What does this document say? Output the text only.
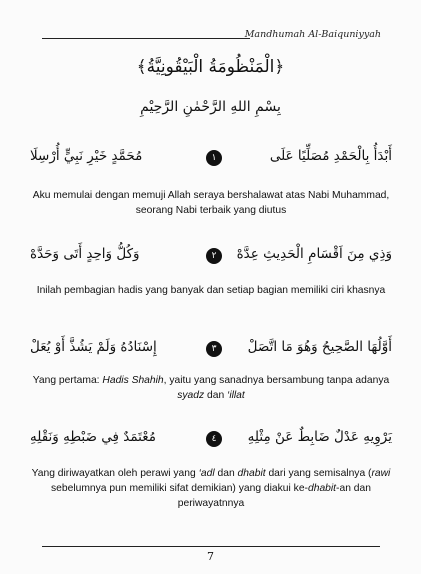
Mandhumah Al-Baiquniyyah
﴿الْمَنْظُومَةُ الْبَيْقُونِيَّةُ﴾
بِسْمِ اللهِ الرَّحْمٰنِ الرَّحِيْمِ
أَبْدَأُ بِالْحَمْدِ مُصَلِّيًا عَلَى
١
مُحَمَّدٍ خَيْرِ نَبِيٍّ أُرْسِلَا
Aku memulai dengan memuji Allah seraya bershalawat atas Nabi Muhammad, seorang Nabi terbaik yang diutus
وَذِي مِنَ اَقْسَامِ الْحَدِيثِ عِدَّهْ
٢
وَكُلُّ وَاحِدٍ أَتَى وَحَدَّهْ
Inilah pembagian hadis yang banyak dan setiap bagian memiliki ciri khasnya
أَوَّلُهَا الصَّحِيحُ وَهُوَ مَا اتَّصَلْ
٣
إِسْنَادُهُ وَلَمْ يَشُذَّ أَوْ يُعَلْ
Yang pertama: Hadis Shahih, yaitu yang sanadnya bersambung tanpa adanya syadz dan ‘illat
يَرْوِيهِ عَدْلٌ ضَابِطٌ عَنْ مِثْلِهِ
٤
مُعْتَمَدٌ فِي ضَبْطِهِ وَنَقْلِهِ
Yang diriwayatkan oleh perawi yang ‘adl dan dhabit dari yang semisalnya (rawi sebelumnya pun memiliki sifat demikian) yang diakui ke-dhabit-an dan periwayatnnya
7
